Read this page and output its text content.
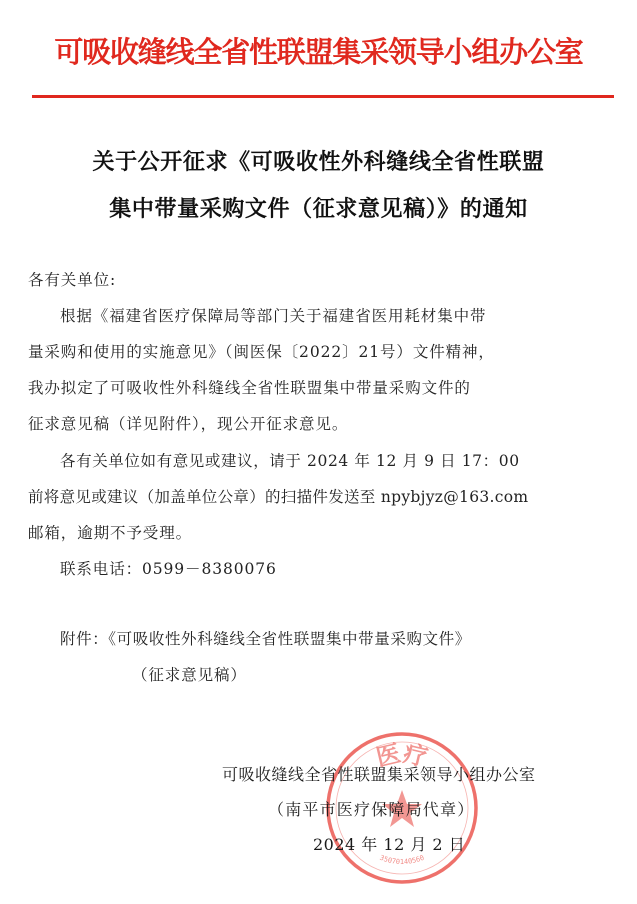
可吸收缝线全省性联盟集采领导小组办公室
关于公开征求《可吸收性外科缝线全省性联盟
集中带量采购文件（征求意见稿）》的通知
各有关单位:
根据《福建省医疗保障局等部门关于福建省医用耗材集中带
量采购和使用的实施意见》（闽医保〔2022〕21号）文件精神，
我办拟定了可吸收性外科缝线全省性联盟集中带量采购文件的
征求意见稿（详见附件），现公开征求意见。
各有关单位如有意见或建议，请于 2024 年 12 月 9 日 17：00
前将意见或建议（加盖单位公章）的扫描件发送至 npybjyz@163.com
邮箱，逾期不予受理。
联系电话：0599－8380076
附件：《可吸收性外科缝线全省性联盟集中带量采购文件》
（征求意见稿）
医疗
35070140560
可吸收缝线全省性联盟集采领导小组办公室
（南平市医疗保障局代章）
2024 年 12 月 2 日
